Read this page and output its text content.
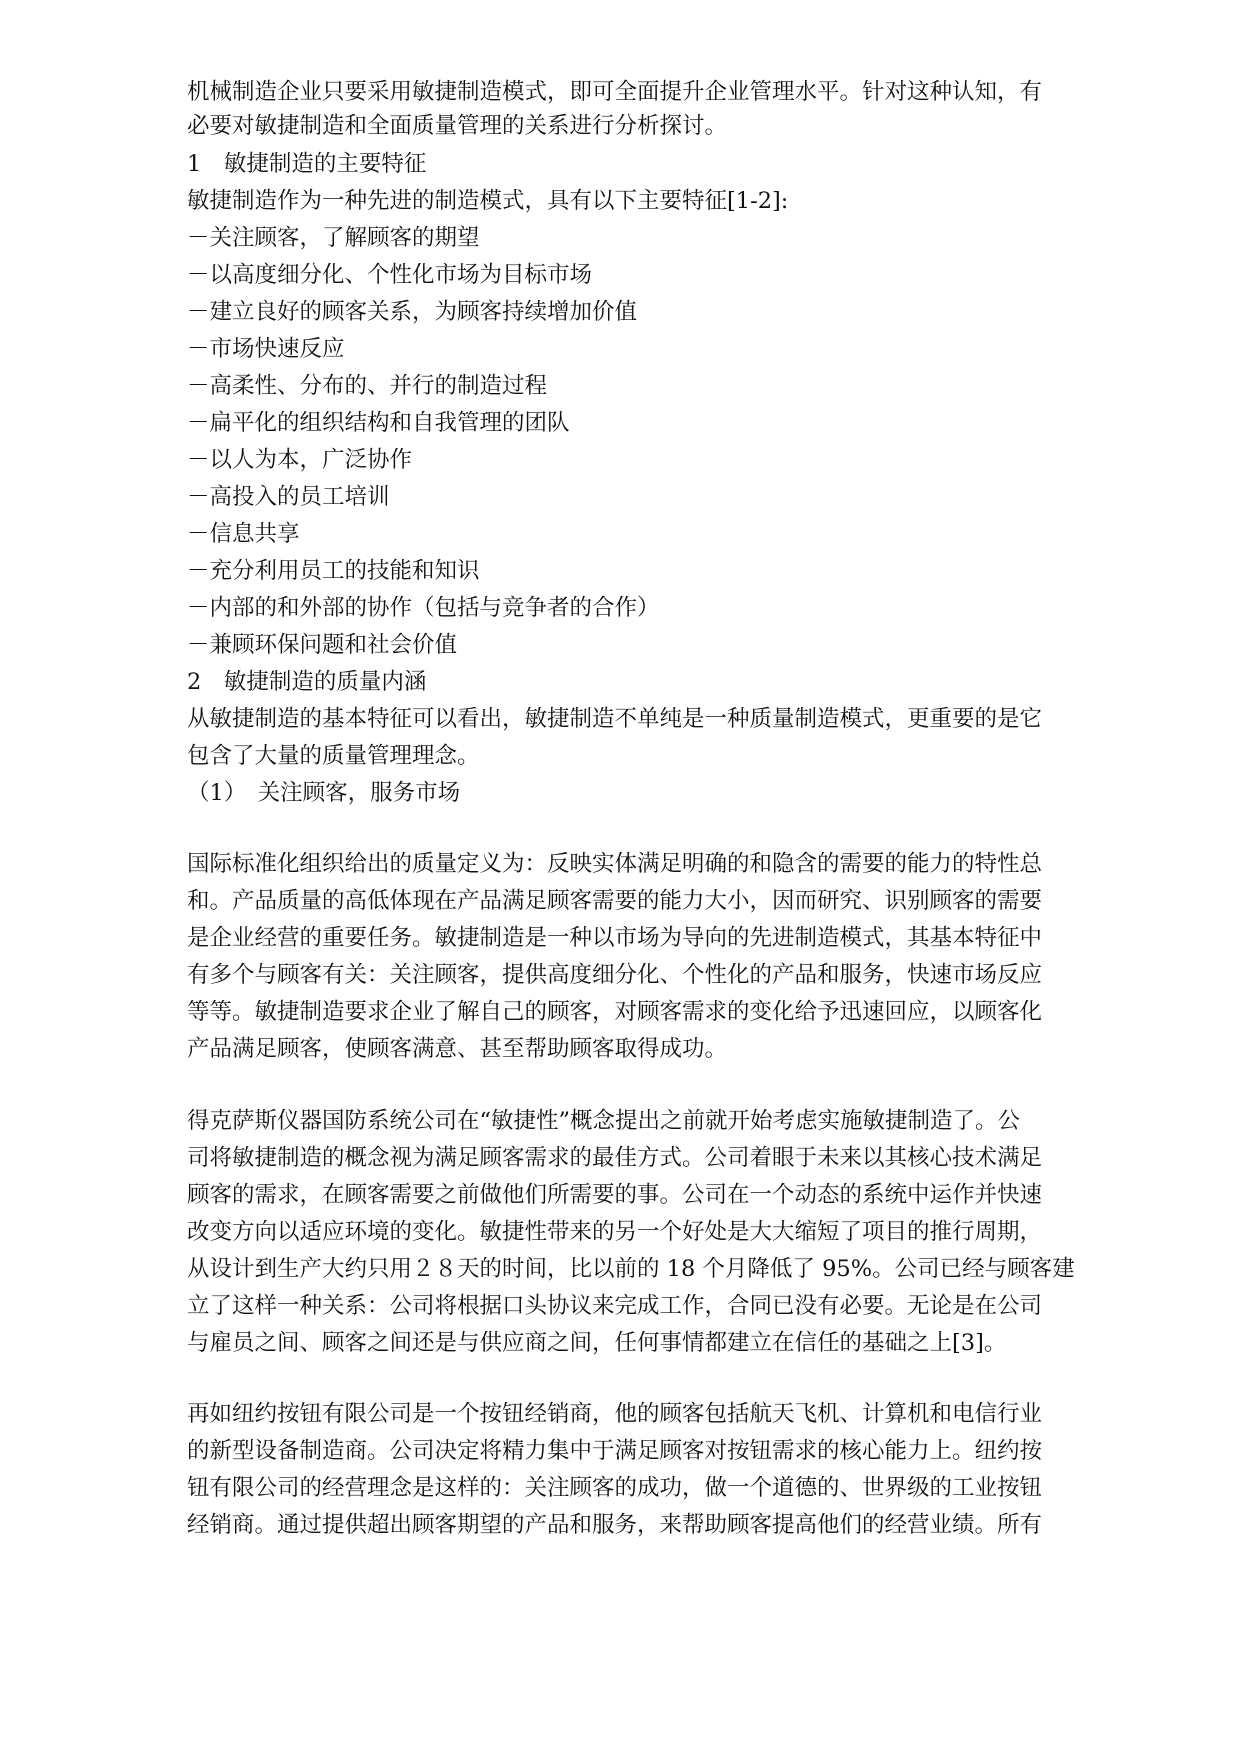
机械制造企业只要采用敏捷制造模式，即可全面提升企业管理水平。针对这种认知，有
必要对敏捷制造和全面质量管理的关系进行分析探讨。
1　敏捷制造的主要特征
敏捷制造作为一种先进的制造模式，具有以下主要特征[1-2]:
－关注顾客，了解顾客的期望
－以高度细分化、个性化市场为目标市场
－建立良好的顾客关系，为顾客持续增加价值
－市场快速反应
－高柔性、分布的、并行的制造过程
－扁平化的组织结构和自我管理的团队
－以人为本，广泛协作
－高投入的员工培训
－信息共享
－充分利用员工的技能和知识
－内部的和外部的协作（包括与竞争者的合作）
－兼顾环保问题和社会价值
2　敏捷制造的质量内涵
从敏捷制造的基本特征可以看出，敏捷制造不单纯是一种质量制造模式，更重要的是它
包含了大量的质量管理理念。
（1）　关注顾客，服务市场
国际标准化组织给出的质量定义为：反映实体满足明确的和隐含的需要的能力的特性总
和。产品质量的高低体现在产品满足顾客需要的能力大小，因而研究、识别顾客的需要
是企业经营的重要任务。敏捷制造是一种以市场为导向的先进制造模式，其基本特征中
有多个与顾客有关：关注顾客，提供高度细分化、个性化的产品和服务，快速市场反应
等等。敏捷制造要求企业了解自己的顾客，对顾客需求的变化给予迅速回应，以顾客化
产品满足顾客，使顾客满意、甚至帮助顾客取得成功。
得克萨斯仪器国防系统公司在“敏捷性”概念提出之前就开始考虑实施敏捷制造了。公
司将敏捷制造的概念视为满足顾客需求的最佳方式。公司着眼于未来以其核心技术满足
顾客的需求，在顾客需要之前做他们所需要的事。公司在一个动态的系统中运作并快速
改变方向以适应环境的变化。敏捷性带来的另一个好处是大大缩短了项目的推行周期，
从设计到生产大约只用２８天的时间，比以前的 18 个月降低了 95%。公司已经与顾客建
立了这样一种关系：公司将根据口头协议来完成工作，合同已没有必要。无论是在公司
与雇员之间、顾客之间还是与供应商之间，任何事情都建立在信任的基础之上[3]。
再如纽约按钮有限公司是一个按钮经销商，他的顾客包括航天飞机、计算机和电信行业
的新型设备制造商。公司决定将精力集中于满足顾客对按钮需求的核心能力上。纽约按
钮有限公司的经营理念是这样的：关注顾客的成功，做一个道德的、世界级的工业按钮
经销商。通过提供超出顾客期望的产品和服务，来帮助顾客提高他们的经营业绩。所有
